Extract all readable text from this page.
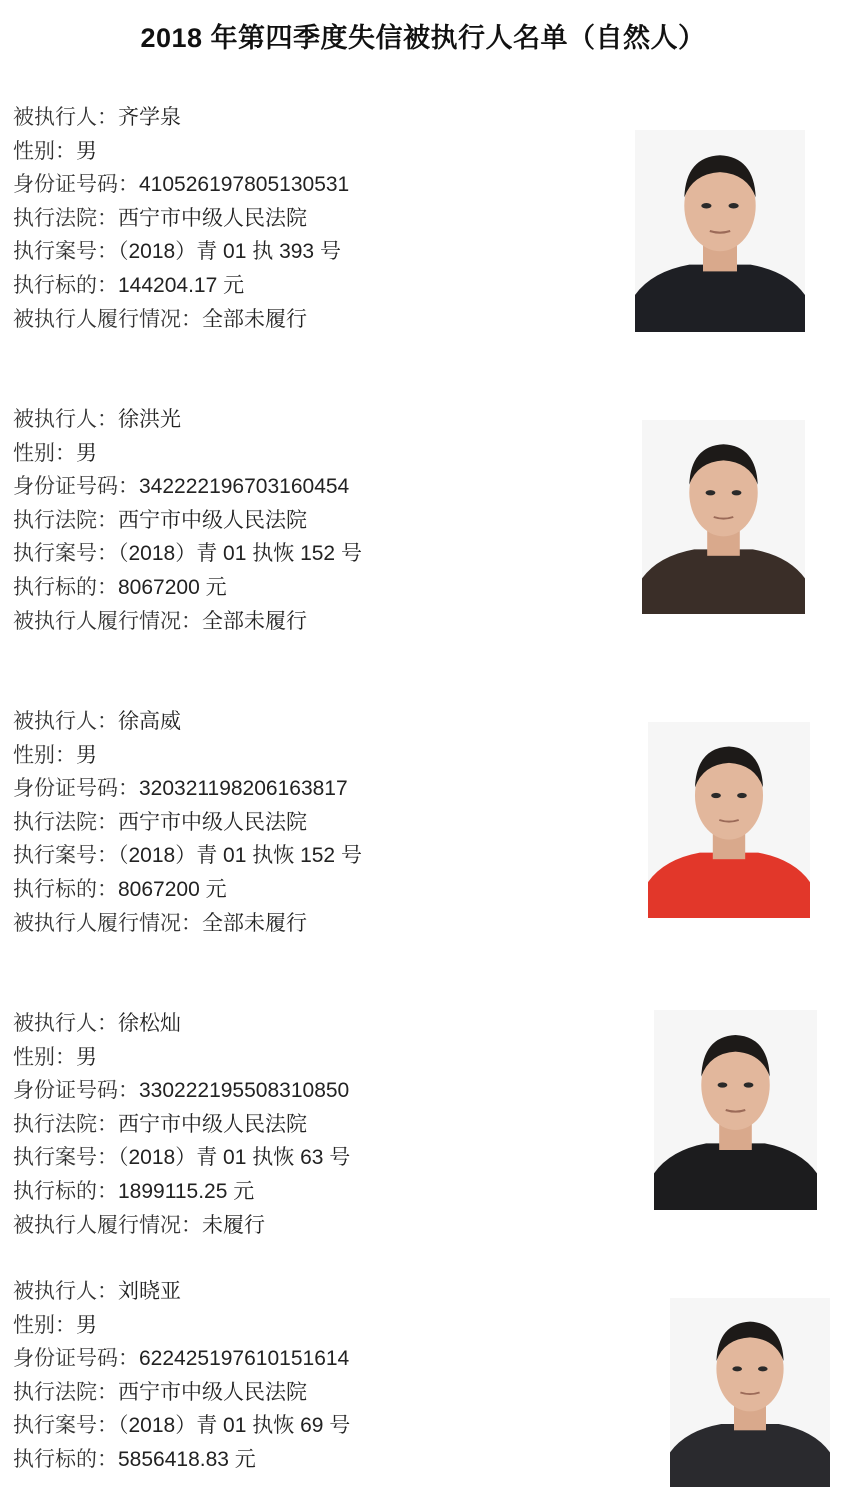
2018 年第四季度失信被执行人名单（自然人）
被执行人：齐学泉
性别：男
身份证号码：410526197805130531
执行法院：西宁市中级人民法院
执行案号：（2018）青 01 执 393 号
执行标的：144204.17 元
被执行人履行情况：全部未履行
被执行人：徐洪光
性别：男
身份证号码：342222196703160454
执行法院：西宁市中级人民法院
执行案号：（2018）青 01 执恢 152 号
执行标的：8067200 元
被执行人履行情况：全部未履行
被执行人：徐高威
性别：男
身份证号码：320321198206163817
执行法院：西宁市中级人民法院
执行案号：（2018）青 01 执恢 152 号
执行标的：8067200 元
被执行人履行情况：全部未履行
被执行人：徐松灿
性别：男
身份证号码：330222195508310850
执行法院：西宁市中级人民法院
执行案号：（2018）青 01 执恢 63 号
执行标的：1899115.25 元
被执行人履行情况：未履行
被执行人：刘晓亚
性别：男
身份证号码：622425197610151614
执行法院：西宁市中级人民法院
执行案号：（2018）青 01 执恢 69 号
执行标的：5856418.83 元
